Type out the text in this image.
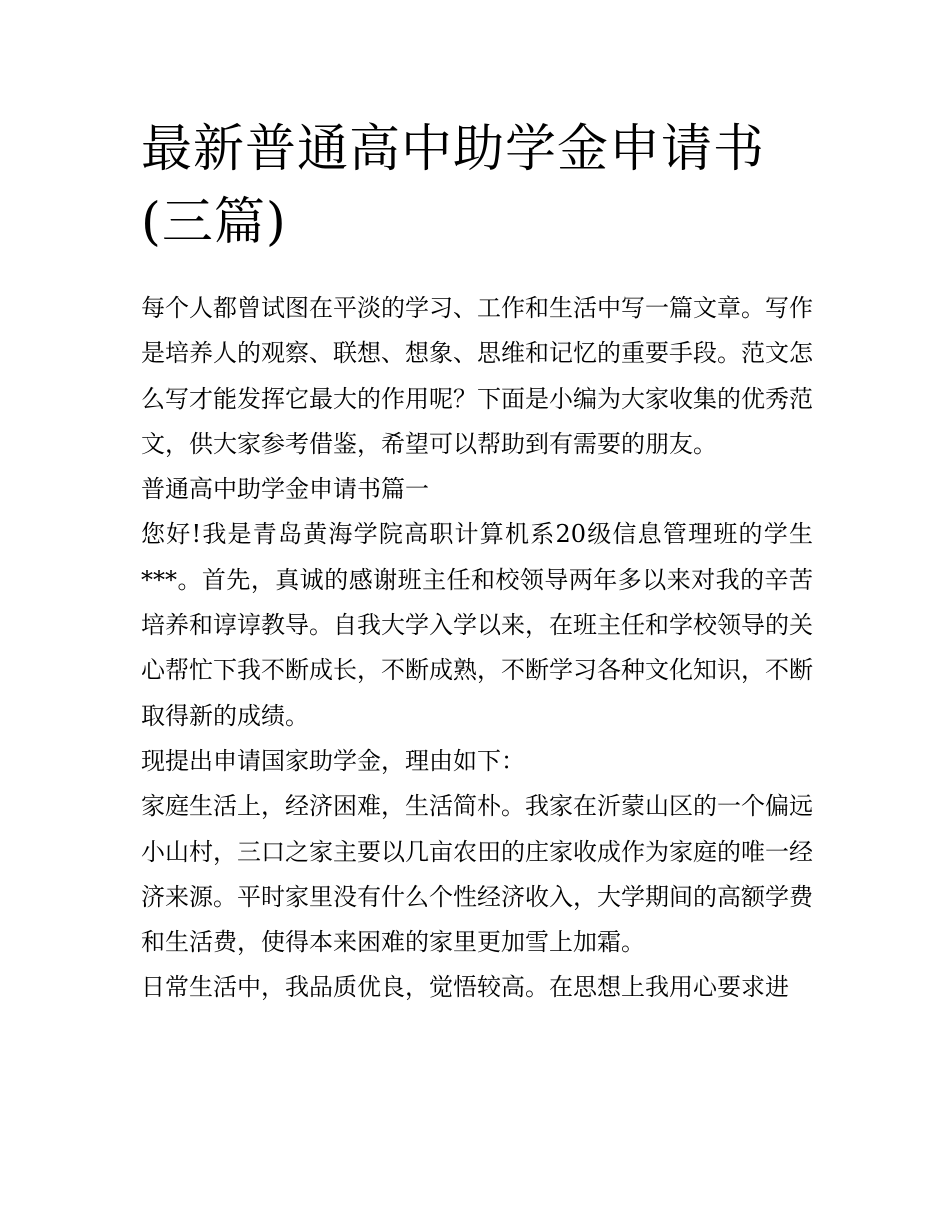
最新普通高中助学金申请书(三篇)

每个人都曾试图在平淡的学习、工作和生活中写一篇文章。写作是培养人的观察、联想、想象、思维和记忆的重要手段。范文怎么写才能发挥它最大的作用呢？下面是小编为大家收集的优秀范文，供大家参考借鉴，希望可以帮助到有需要的朋友。

普通高中助学金申请书篇一

您好!我是青岛黄海学院高职计算机系20级信息管理班的学生***。首先，真诚的感谢班主任和校领导两年多以来对我的辛苦培养和谆谆教导。自我大学入学以来，在班主任和学校领导的关心帮忙下我不断成长，不断成熟，不断学习各种文化知识，不断取得新的成绩。

现提出申请国家助学金，理由如下：

家庭生活上，经济困难，生活简朴。我家在沂蒙山区的一个偏远小山村，三口之家主要以几亩农田的庄家收成作为家庭的唯一经济来源。平时家里没有什么个性经济收入，大学期间的高额学费和生活费，使得本来困难的家里更加雪上加霜。

日常生活中，我品质优良，觉悟较高。在思想上我用心要求进
